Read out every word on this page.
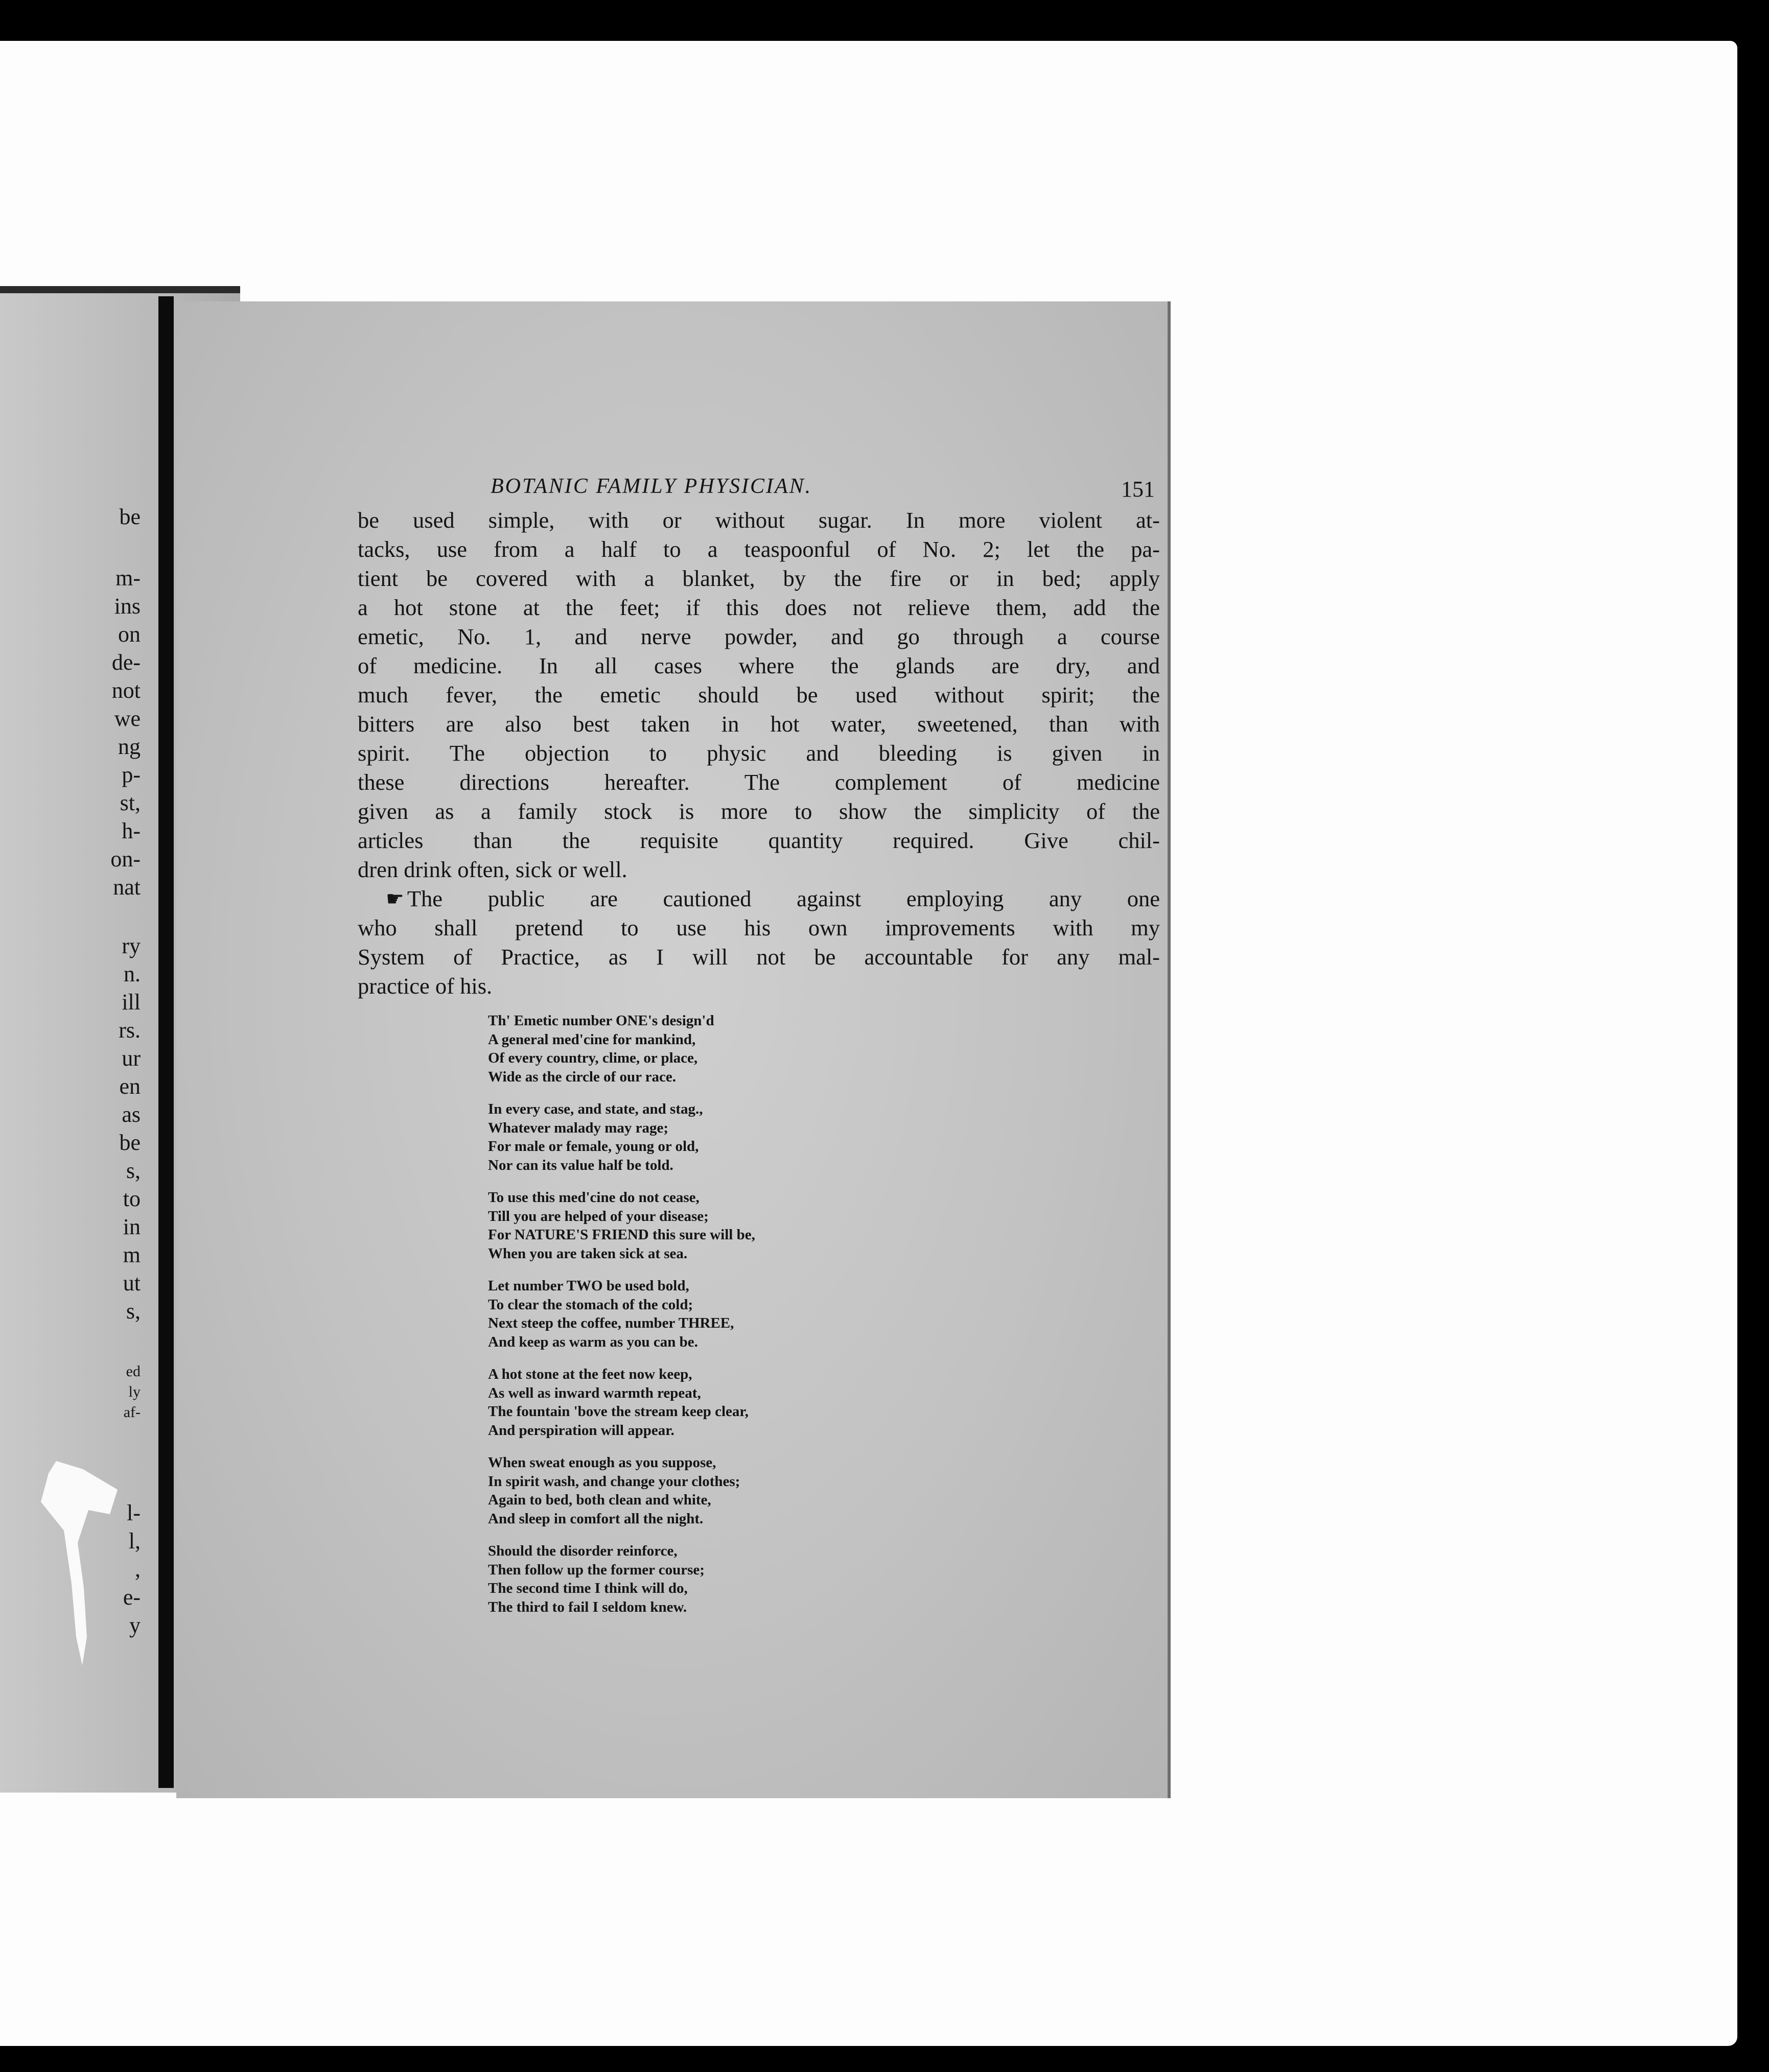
be
m-
ins
on
de-
not
we
ng
p-
st,
h-
on-
nat
ry
n.
ill
rs.
ur
en
as
be
s,
to
in
m
ut
s,
ed
ly
af-
l-
l,
,
e-
y
BOTANIC FAMILY PHYSICIAN.	151
be used simple, with or without sugar. In more violent at-
tacks, use from a half to a teaspoonful of No. 2; let the pa-
tient be covered with a blanket, by the fire or in bed; apply
a hot stone at the feet; if this does not relieve them, add the
emetic, No. 1, and nerve powder, and go through a course
of medicine. In all cases where the glands are dry, and
much fever, the emetic should be used without spirit; the
bitters are also best taken in hot water, sweetened, than with
spirit. The objection to physic and bleeding is given in
these directions hereafter. The complement of medicine
given as a family stock is more to show the simplicity of the
articles than the requisite quantity required. Give chil-
dren drink often, sick or well.
☛ The public are cautioned against employing any one
who shall pretend to use his own improvements with my
System of Practice, as I will not be accountable for any mal-
practice of his.
Th' Emetic number ONE's design'd
A general med'cine for mankind,
Of every country, clime, or place,
Wide as the circle of our race.
In every case, and state, and stag.,
Whatever malady may rage;
For male or female, young or old,
Nor can its value half be told.
To use this med'cine do not cease,
Till you are helped of your disease;
For NATURE'S FRIEND this sure will be,
When you are taken sick at sea.
Let number TWO be used bold,
To clear the stomach of the cold;
Next steep the coffee, number THREE,
And keep as warm as you can be.
A hot stone at the feet now keep,
As well as inward warmth repeat,
The fountain 'bove the stream keep clear,
And perspiration will appear.
When sweat enough as you suppose,
In spirit wash, and change your clothes;
Again to bed, both clean and white,
And sleep in comfort all the night.
Should the disorder reinforce,
Then follow up the former course;
The second time I think will do,
The third to fail I seldom knew.
